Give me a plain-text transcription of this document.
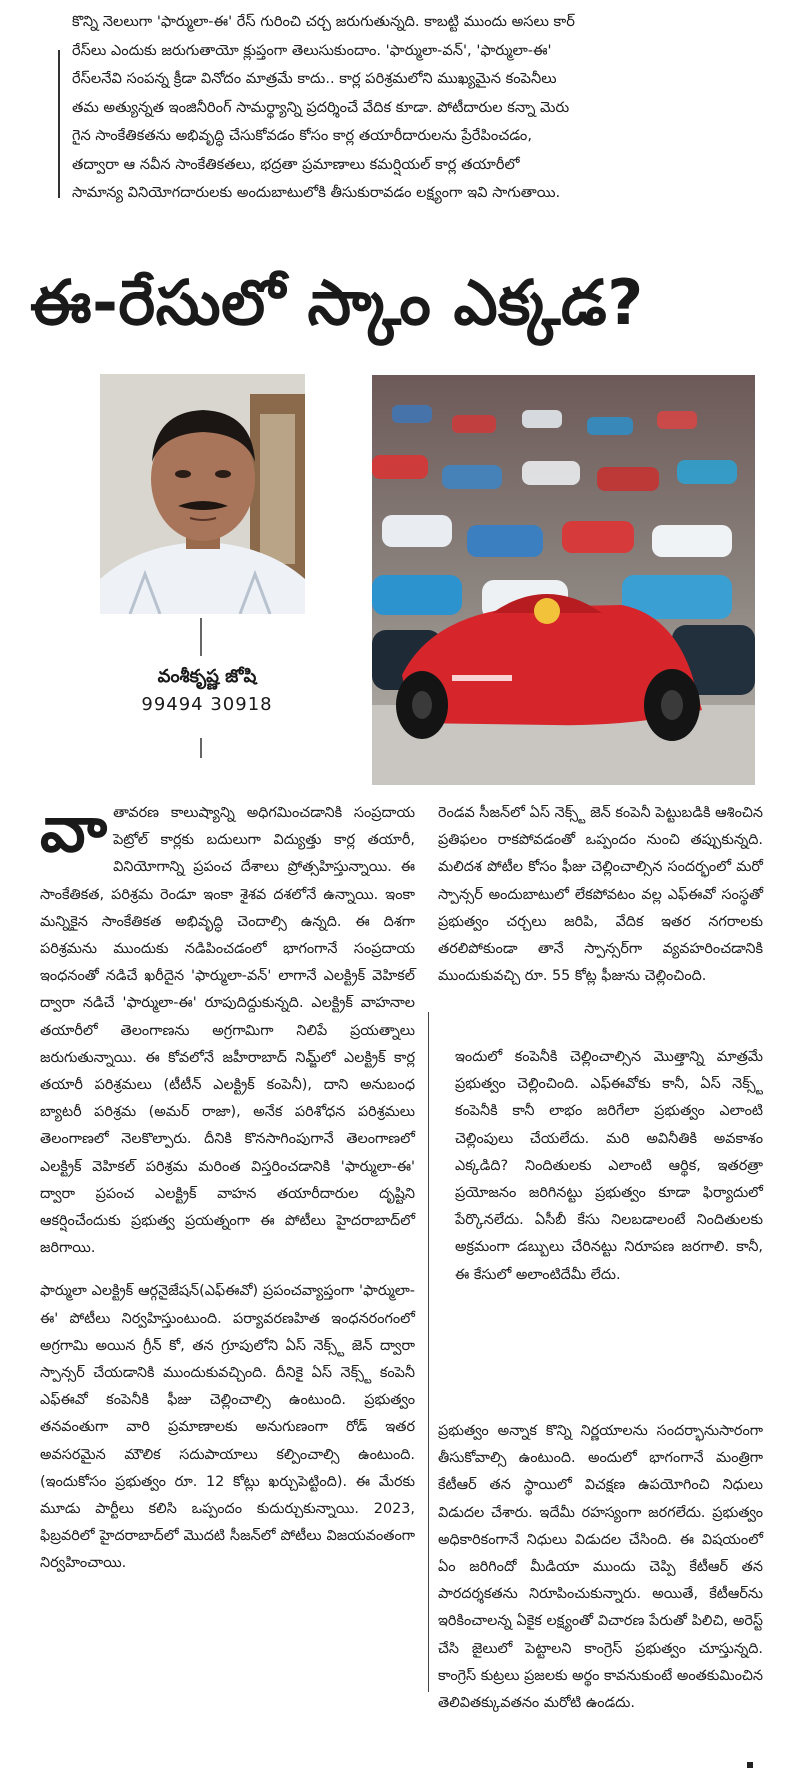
కొన్ని నెలలుగా 'ఫార్ములా-ఈ' రేస్ గురించి చర్చ జరుగుతున్నది. కాబట్టి ముందు అసలు కార్

రేస్‌లు ఎందుకు జరుగుతాయో క్లుప్తంగా తెలుసుకుందాం. 'ఫార్ములా-వన్', 'ఫార్ములా-ఈ'

రేస్‌లనేవి సంపన్న క్రీడా వినోదం మాత్రమే కాదు.. కార్ల పరిశ్రమలోని ముఖ్యమైన కంపెనీలు

తమ అత్యున్నత ఇంజినీరింగ్ సామర్థ్యాన్ని ప్రదర్శించే వేదిక కూడా. పోటీదారుల కన్నా మెరు

గైన సాంకేతికతను అభివృద్ధి చేసుకోవడం కోసం కార్ల తయారీదారులను ప్రేరేపించడం,

తద్వారా ఆ నవీన సాంకేతికతలు, భద్రతా ప్రమాణాలు కమర్షియల్ కార్ల తయారీలో

సామాన్య వినియోగదారులకు అందుబాటులోకి తీసుకురావడం లక్ష్యంగా ఇవి సాగుతాయి.

ఈ-రేసులో స్కాం ఎక్కడ?
వంశీకృష్ణ జోషి
99494 30918

వాతావరణ కాలుష్యాన్ని అధిగమించడానికి సంప్రదాయ పెట్రోల్ కార్లకు బదులుగా విద్యుత్తు కార్ల తయారీ, వినియోగాన్ని ప్రపంచ దేశాలు ప్రోత్సహిస్తున్నాయి. ఈ సాంకేతికత, పరిశ్రమ రెండూ ఇంకా శైశవ దశలోనే ఉన్నాయి. ఇంకా మన్నికైన సాంకేతికత అభివృద్ధి చెందాల్సి ఉన్నది. ఈ దిశగా పరిశ్రమను ముందుకు నడిపించడంలో భాగంగానే సంప్రదాయ ఇంధనంతో నడిచే ఖరీదైన 'ఫార్ములా-వన్' లాగానే ఎలక్ట్రిక్ వెహికల్ ద్వారా నడిచే 'ఫార్ములా-ఈ' రూపుదిద్దుకున్నది. ఎలక్ట్రిక్ వాహనాల తయారీలో తెలంగాణను అగ్రగామిగా నిలిపే ప్రయత్నాలు జరుగుతున్నాయి. ఈ కోవలోనే జహీరాబాద్ నిమ్జ్‌లో ఎలక్ట్రిక్ కార్ల తయారీ పరిశ్రమలు (టీటీన్ ఎలక్ట్రిక్ కంపెనీ), దాని అనుబంధ బ్యాటరీ పరిశ్రమ (అమర్ రాజా), అనేక పరిశోధన పరిశ్రమలు తెలంగాణలో నెలకొల్పారు. దీనికి కొనసాగింపుగానే తెలంగాణలో ఎలక్ట్రిక్ వెహికల్ పరిశ్రమ మరింత విస్తరించడానికి 'ఫార్ములా-ఈ' ద్వారా ప్రపంచ ఎలక్ట్రిక్ వాహన తయారీదారుల దృష్టిని ఆకర్షించేందుకు ప్రభుత్వ ప్రయత్నంగా ఈ పోటీలు హైదరాబాద్‌లో జరిగాయి.

ఫార్ములా ఎలక్ట్రిక్ ఆర్గనైజేషన్(ఎఫ్ఈవో) ప్రపంచవ్యాప్తంగా 'ఫార్ములా-ఈ' పోటీలు నిర్వహిస్తుంటుంది. పర్యావరణహిత ఇంధనరంగంలో అగ్రగామి అయిన గ్రీన్ కో, తన గ్రూపులోని ఏస్ నెక్స్ట్ జెన్ ద్వారా స్పాన్సర్ చేయడానికి ముందుకువచ్చింది. దీనికై ఏస్ నెక్స్ట్ కంపెనీ ఎఫ్ఈవో కంపెనీకి ఫీజు చెల్లించాల్సి ఉంటుంది. ప్రభుత్వం తనవంతుగా వారి ప్రమాణాలకు అనుగుణంగా రోడ్ ఇతర అవసరమైన మౌలిక సదుపాయాలు కల్పించాల్సి ఉంటుంది. (ఇందుకోసం ప్రభుత్వం రూ. 12 కోట్లు ఖర్చుపెట్టింది). ఈ మేరకు మూడు పార్టీలు కలిసి ఒప్పందం కుదుర్చుకున్నాయి. 2023, ఫిబ్రవరిలో హైదరాబాద్‌లో మొదటి సీజన్‌లో పోటీలు విజయవంతంగా నిర్వహించాయి.

రెండవ సీజన్‌లో ఏస్ నెక్స్ట్ జెన్ కంపెనీ పెట్టుబడికి ఆశించిన ప్రతిఫలం రాకపోవడంతో ఒప్పందం నుంచి తప్పుకున్నది. మలిదశ పోటీల కోసం ఫీజు చెల్లించాల్సిన సందర్భంలో మరో స్పాన్సర్ అందుబాటులో లేకపోవటం వల్ల ఎఫ్ఈవో సంస్థతో ప్రభుత్వం చర్చలు జరిపి, వేదిక ఇతర నగరాలకు తరలిపోకుండా తానే స్పాన్సర్‌గా వ్యవహరించడానికి ముందుకువచ్చి రూ. 55 కోట్ల ఫీజును చెల్లించింది.

ఇందులో కంపెనీకి చెల్లించాల్సిన మొత్తాన్ని మాత్రమే ప్రభుత్వం చెల్లించింది. ఎఫ్ఈవోకు కానీ, ఏస్ నెక్స్ట్ కంపెనీకి కానీ లాభం జరిగేలా ప్రభుత్వం ఎలాంటి చెల్లింపులు చేయలేదు. మరి అవినీతికి అవకాశం ఎక్కడిది? నిందితులకు ఎలాంటి ఆర్థిక, ఇతరత్రా ప్రయోజనం జరిగినట్టు ప్రభుత్వం కూడా ఫిర్యాదులో పేర్కొనలేదు. ఏసీబీ కేసు నిలబడాలంటే నిందితులకు అక్రమంగా డబ్బులు చేరినట్టు నిరూపణ జరగాలి. కానీ, ఈ కేసులో అలాంటిదేమీ లేదు.

ప్రభుత్వం అన్నాక కొన్ని నిర్ణయాలను సందర్భానుసారంగా తీసుకోవాల్సి ఉంటుంది. అందులో భాగంగానే మంత్రిగా కేటీఆర్ తన స్థాయిలో విచక్షణ ఉపయోగించి నిధులు విడుదల చేశారు. ఇదేమీ రహస్యంగా జరగలేదు. ప్రభుత్వం అధికారికంగానే నిధులు విడుదల చేసింది. ఈ విషయంలో ఏం జరిగిందో మీడియా ముందు చెప్పి కేటీఆర్ తన పారదర్శకతను నిరూపించుకున్నారు. అయితే, కేటీఆర్‌ను ఇరికించాలన్న ఏకైక లక్ష్యంతో విచారణ పేరుతో పిలిచి, అరెస్ట్ చేసి జైలులో పెట్టాలని కాంగ్రెస్ ప్రభుత్వం చూస్తున్నది. కాంగ్రెస్ కుట్రలు ప్రజలకు అర్థం కావనుకుంటే అంతకుమించిన తెలివితక్కువతనం మరోటి ఉండదు.
